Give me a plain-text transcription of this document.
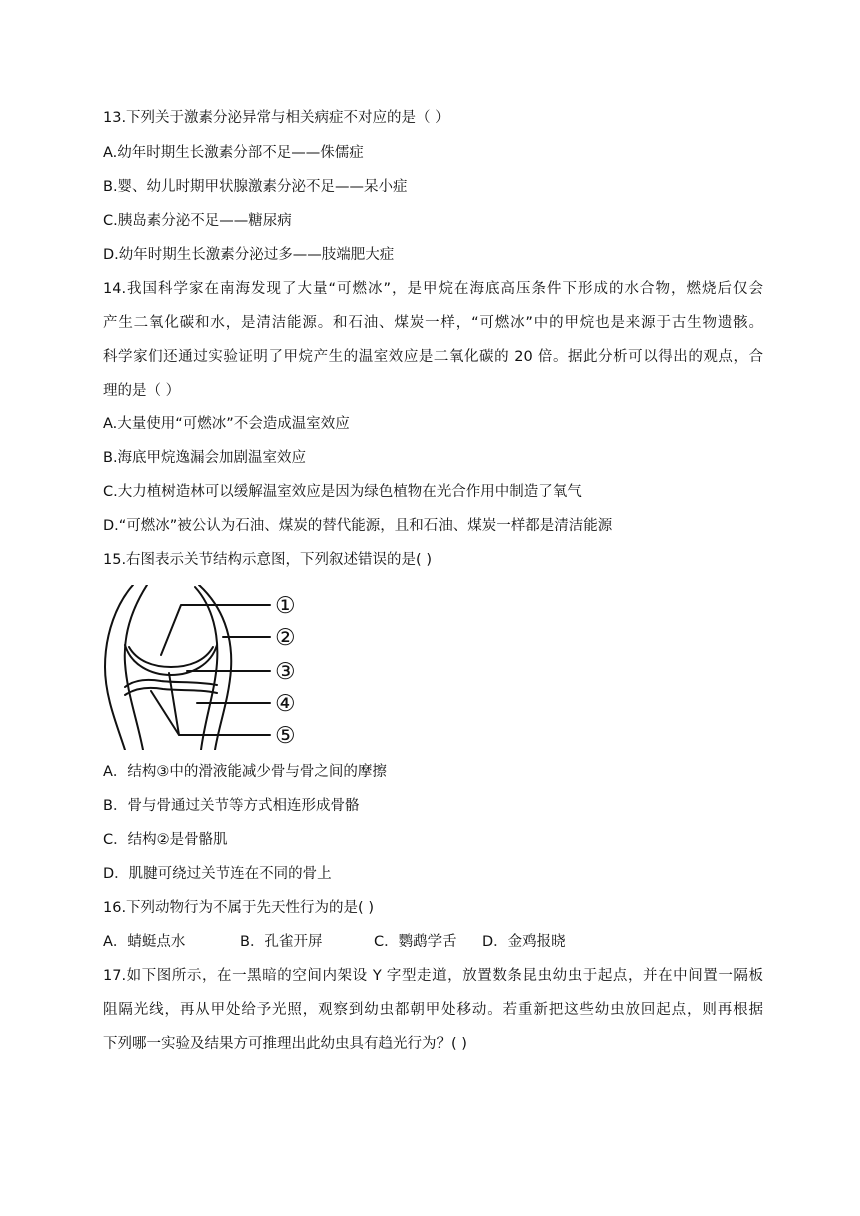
13.下列关于激素分泌异常与相关病症不对应的是（ ）
A.幼年时期生长激素分部不足——侏儒症
B.婴、幼儿时期甲状腺激素分泌不足——呆小症
C.胰岛素分泌不足——糖尿病
D.幼年时期生长激素分泌过多——肢端肥大症
14.我国科学家在南海发现了大量“可燃冰”，是甲烷在海底高压条件下形成的水合物，燃烧后仅会
产生二氧化碳和水，是清洁能源。和石油、煤炭一样，“可燃冰”中的甲烷也是来源于古生物遗骸。
科学家们还通过实验证明了甲烷产生的温室效应是二氧化碳的 20 倍。据此分析可以得出的观点，合
理的是（ ）
A.大量使用“可燃冰”不会造成温室效应
B.海底甲烷逸漏会加剧温室效应
C.大力植树造林可以缓解温室效应是因为绿色植物在光合作用中制造了氧气
D.“可燃冰”被公认为石油、煤炭的替代能源，且和石油、煤炭一样都是清洁能源
15.右图表示关节结构示意图，下列叙述错误的是( )
①
②
③
④
⑤
A．结构③中的滑液能减少骨与骨之间的摩擦
B．骨与骨通过关节等方式相连形成骨骼
C．结构②是骨骼肌
D．肌腱可绕过关节连在不同的骨上
16.下列动物行为不属于先天性行为的是( )
A．蜻蜓点水	B．孔雀开屏	C．鹦鹉学舌 D．金鸡报晓
17.如下图所示，在一黑暗的空间内架设 Y 字型走道，放置数条昆虫幼虫于起点，并在中间置一隔板
阻隔光线，再从甲处给予光照，观察到幼虫都朝甲处移动。若重新把这些幼虫放回起点，则再根据
下列哪一实验及结果方可推理出此幼虫具有趋光行为？( )
